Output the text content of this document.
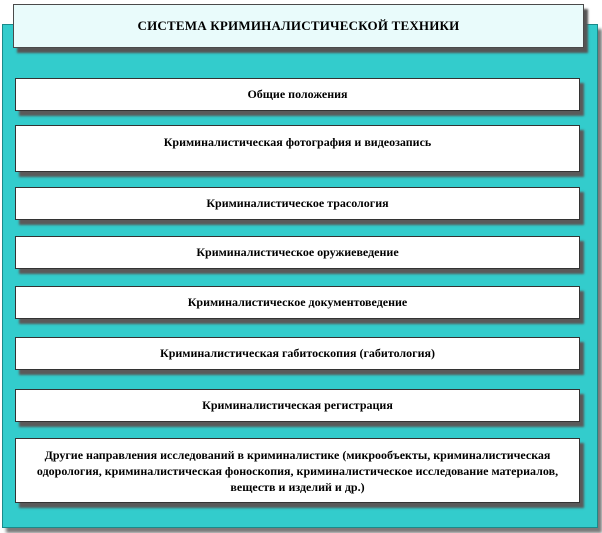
СИСТЕМА КРИМИНАЛИСТИЧЕСКОЙ ТЕХНИКИ
Общие положения
Криминалистическая фотография и видеозапись
Криминалистическое трасология
Криминалистическое оружиеведение
Криминалистическое документоведение
Криминалистическая габитоскопия (габитология)
Криминалистическая регистрация
Другие направления исследований в криминалистике (микрообъекты, криминалистическая одорология, криминалистическая фоноскопия, криминалистическое исследование материалов, веществ и изделий и др.)
